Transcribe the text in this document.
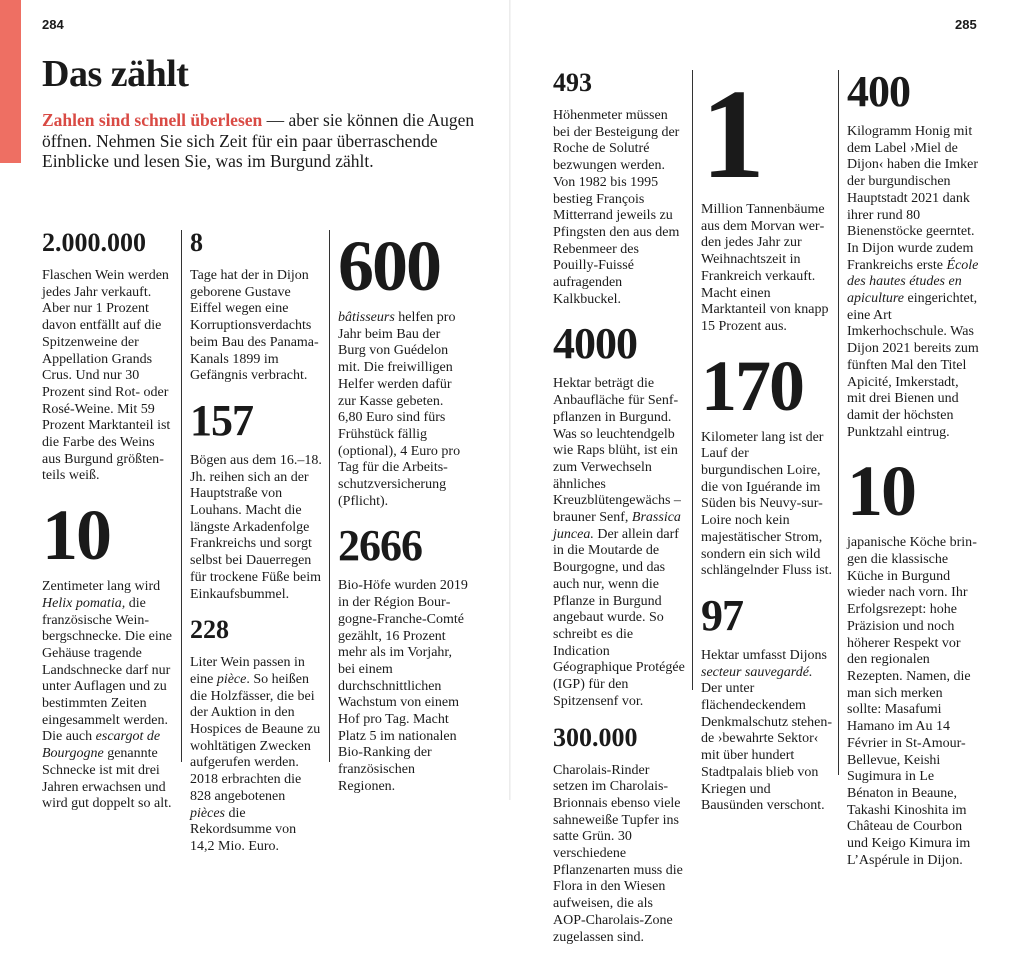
284	285
Das zählt

Zahlen sind schnell überlesen — aber sie können die Augen öffnen. Nehmen Sie sich Zeit für ein paar überraschende Einblicke und lesen Sie, was im Burgund zählt.

2.000.000

Flaschen Wein werden jedes Jahr verkauft. Aber nur 1 Prozent davon entfällt auf die Spitzenweine der Appellation Grands Crus. Und nur 30 Prozent sind Rot- oder Rosé-Weine. Mit 59 Prozent Marktanteil ist die Farbe des Weins aus Burgund größtenteils weiß.

10

Zentimeter lang wird Helix pomatia, die französische Weinbergschnecke. Die eine Gehäuse tragende Landschnecke darf nur unter Auflagen und zu bestimmten Zeiten eingesammelt werden. Die auch escargot de Bourgogne genannte Schnecke ist mit drei Jahren erwachsen und wird gut doppelt so alt.

8

Tage hat der in Dijon geborene Gustave Eiffel wegen eine Korruptionsverdachts beim Bau des Panama-Kanals 1899 im Gefängnis verbracht.

157

Bögen aus dem 16.–18. Jh. reihen sich an der Hauptstraße von Louhans. Macht die längste Arkadenfolge Frankreichs und sorgt selbst bei Dauerregen für trockene Füße beim Einkaufsbummel.

228

Liter Wein passen in eine pièce. So heißen die Holzfässer, die bei der Auktion in den Hospices de Beaune zu wohltätigen Zwecken aufgerufen werden. 2018 erbrachten die 828 angebotenen pièces die Rekordsumme von 14,2 Mio. Euro.

600

bâtisseurs helfen pro Jahr beim Bau der Burg von Guédelon mit. Die freiwilligen Helfer werden dafür zur Kasse gebeten. 6,80 Euro sind fürs Frühstück fällig (optional), 4 Euro pro Tag für die Arbeitsschutzversicherung (Pflicht).

2666

Bio-Höfe wurden 2019 in der Région Bourgogne-Franche-Comté gezählt, 16 Prozent mehr als im Vorjahr, bei einem durchschnittlichen Wachstum von einem Hof pro Tag. Macht Platz 5 im nationalen Bio-Ranking der französischen Regionen.

493

Höhenmeter müssen bei der Besteigung der Roche de Solutré bezwungen werden. Von 1982 bis 1995 bestieg François Mitterrand jeweils zu Pfingsten den aus dem Rebenmeer des Pouilly-Fuissé aufragenden Kalkbuckel.

4000

Hektar beträgt die Anbaufläche für Senfpflanzen in Burgund. Was so leuchtendgelb wie Raps blüht, ist ein zum Verwechseln ähnliches Kreuzblütengewächs – brauner Senf, Brassica juncea. Der allein darf in die Moutarde de Bourgogne, und das auch nur, wenn die Pflanze in Burgund angebaut wurde. So schreibt es die Indication Géographique Protégée (IGP) für den Spitzensenf vor.

300.000

Charolais-Rinder setzen im Charolais-Brionnais ebenso viele sahneweiße Tupfer ins satte Grün. 30 verschiedene Pflanzenarten muss die Flora in den Wiesen aufweisen, die als AOP-Charolais-Zone zugelassen sind.

1

Million Tannenbäume aus dem Morvan werden jedes Jahr zur Weihnachtszeit in Frankreich verkauft. Macht einen Marktanteil von knapp 15 Prozent aus.

170

Kilometer lang ist der Lauf der burgundischen Loire, die von Iguérande im Süden bis Neuvy-sur-Loire noch kein majestätischer Strom, sondern ein sich wild schlängelnder Fluss ist.

97

Hektar umfasst Dijons secteur sauvegardé. Der unter flächendeckendem Denkmalschutz stehende ›bewahrte Sektor‹ mit über hundert Stadtpalais blieb von Kriegen und Bausünden verschont.

400

Kilogramm Honig mit dem Label ›Miel de Dijon‹ haben die Imker der burgundischen Hauptstadt 2021 dank ihrer rund 80 Bienenstöcke geerntet. In Dijon wurde zudem Frankreichs erste École des hautes études en apiculture eingerichtet, eine Art Imkerhochschule. Was Dijon 2021 bereits zum fünften Mal den Titel Apicité, Imkerstadt, mit drei Bienen und damit der höchsten Punktzahl eintrug.

10

japanische Köche bringen die klassische Küche in Burgund wieder nach vorn. Ihr Erfolgsrezept: hohe Präzision und noch höherer Respekt vor den regionalen Rezepten. Namen, die man sich merken sollte: Masafumi Hamano im Au 14 Février in St-Amour-Bellevue, Keishi Sugimura in Le Bénaton in Beaune, Takashi Kinoshita im Château de Courbon und Keigo Kimura im L’Aspérule in Dijon.
